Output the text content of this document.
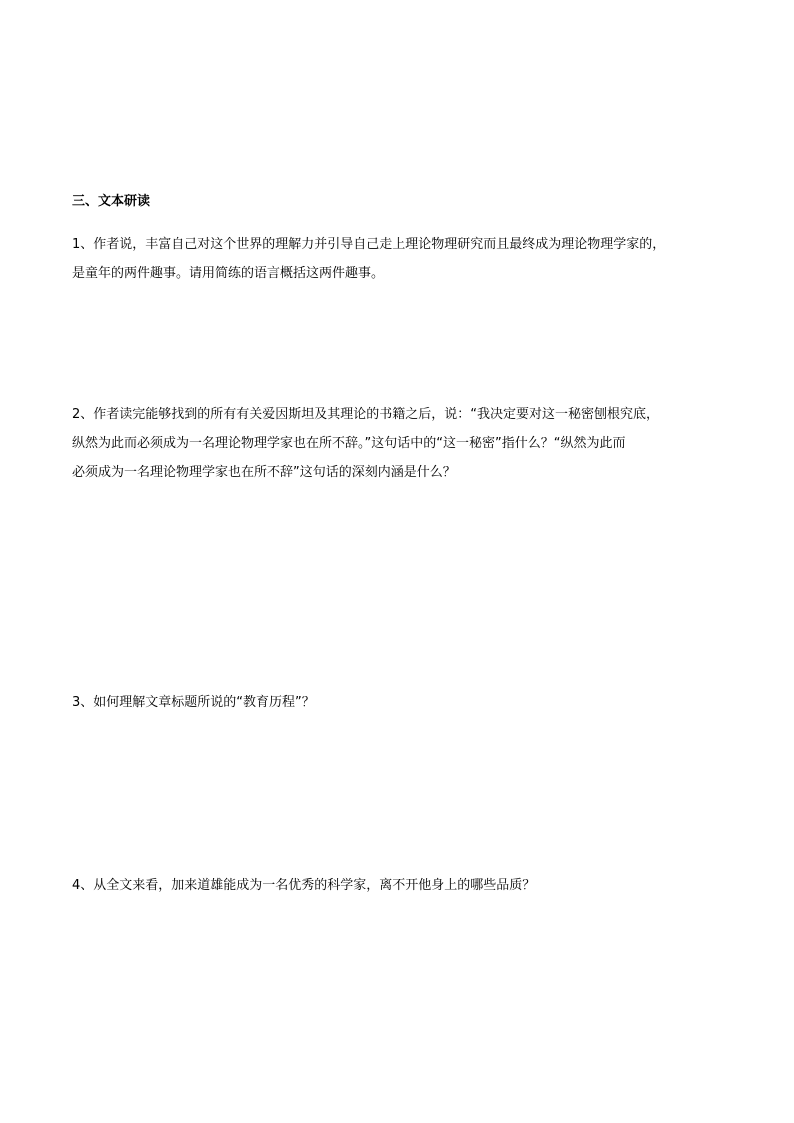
三、文本研读
1、作者说，丰富自己对这个世界的理解力并引导自己走上理论物理研究而且最终成为理论物理学家的，
是童年的两件趣事。请用简练的语言概括这两件趣事。
2、作者读完能够找到的所有有关爱因斯坦及其理论的书籍之后，说：“我决定要对这一秘密刨根究底，
纵然为此而必须成为一名理论物理学家也在所不辞。”这句话中的“这一秘密”指什么？“纵然为此而
必须成为一名理论物理学家也在所不辞”这句话的深刻内涵是什么？
3、如何理解文章标题所说的“教育历程”？
4、从全文来看，加来道雄能成为一名优秀的科学家，离不开他身上的哪些品质？
